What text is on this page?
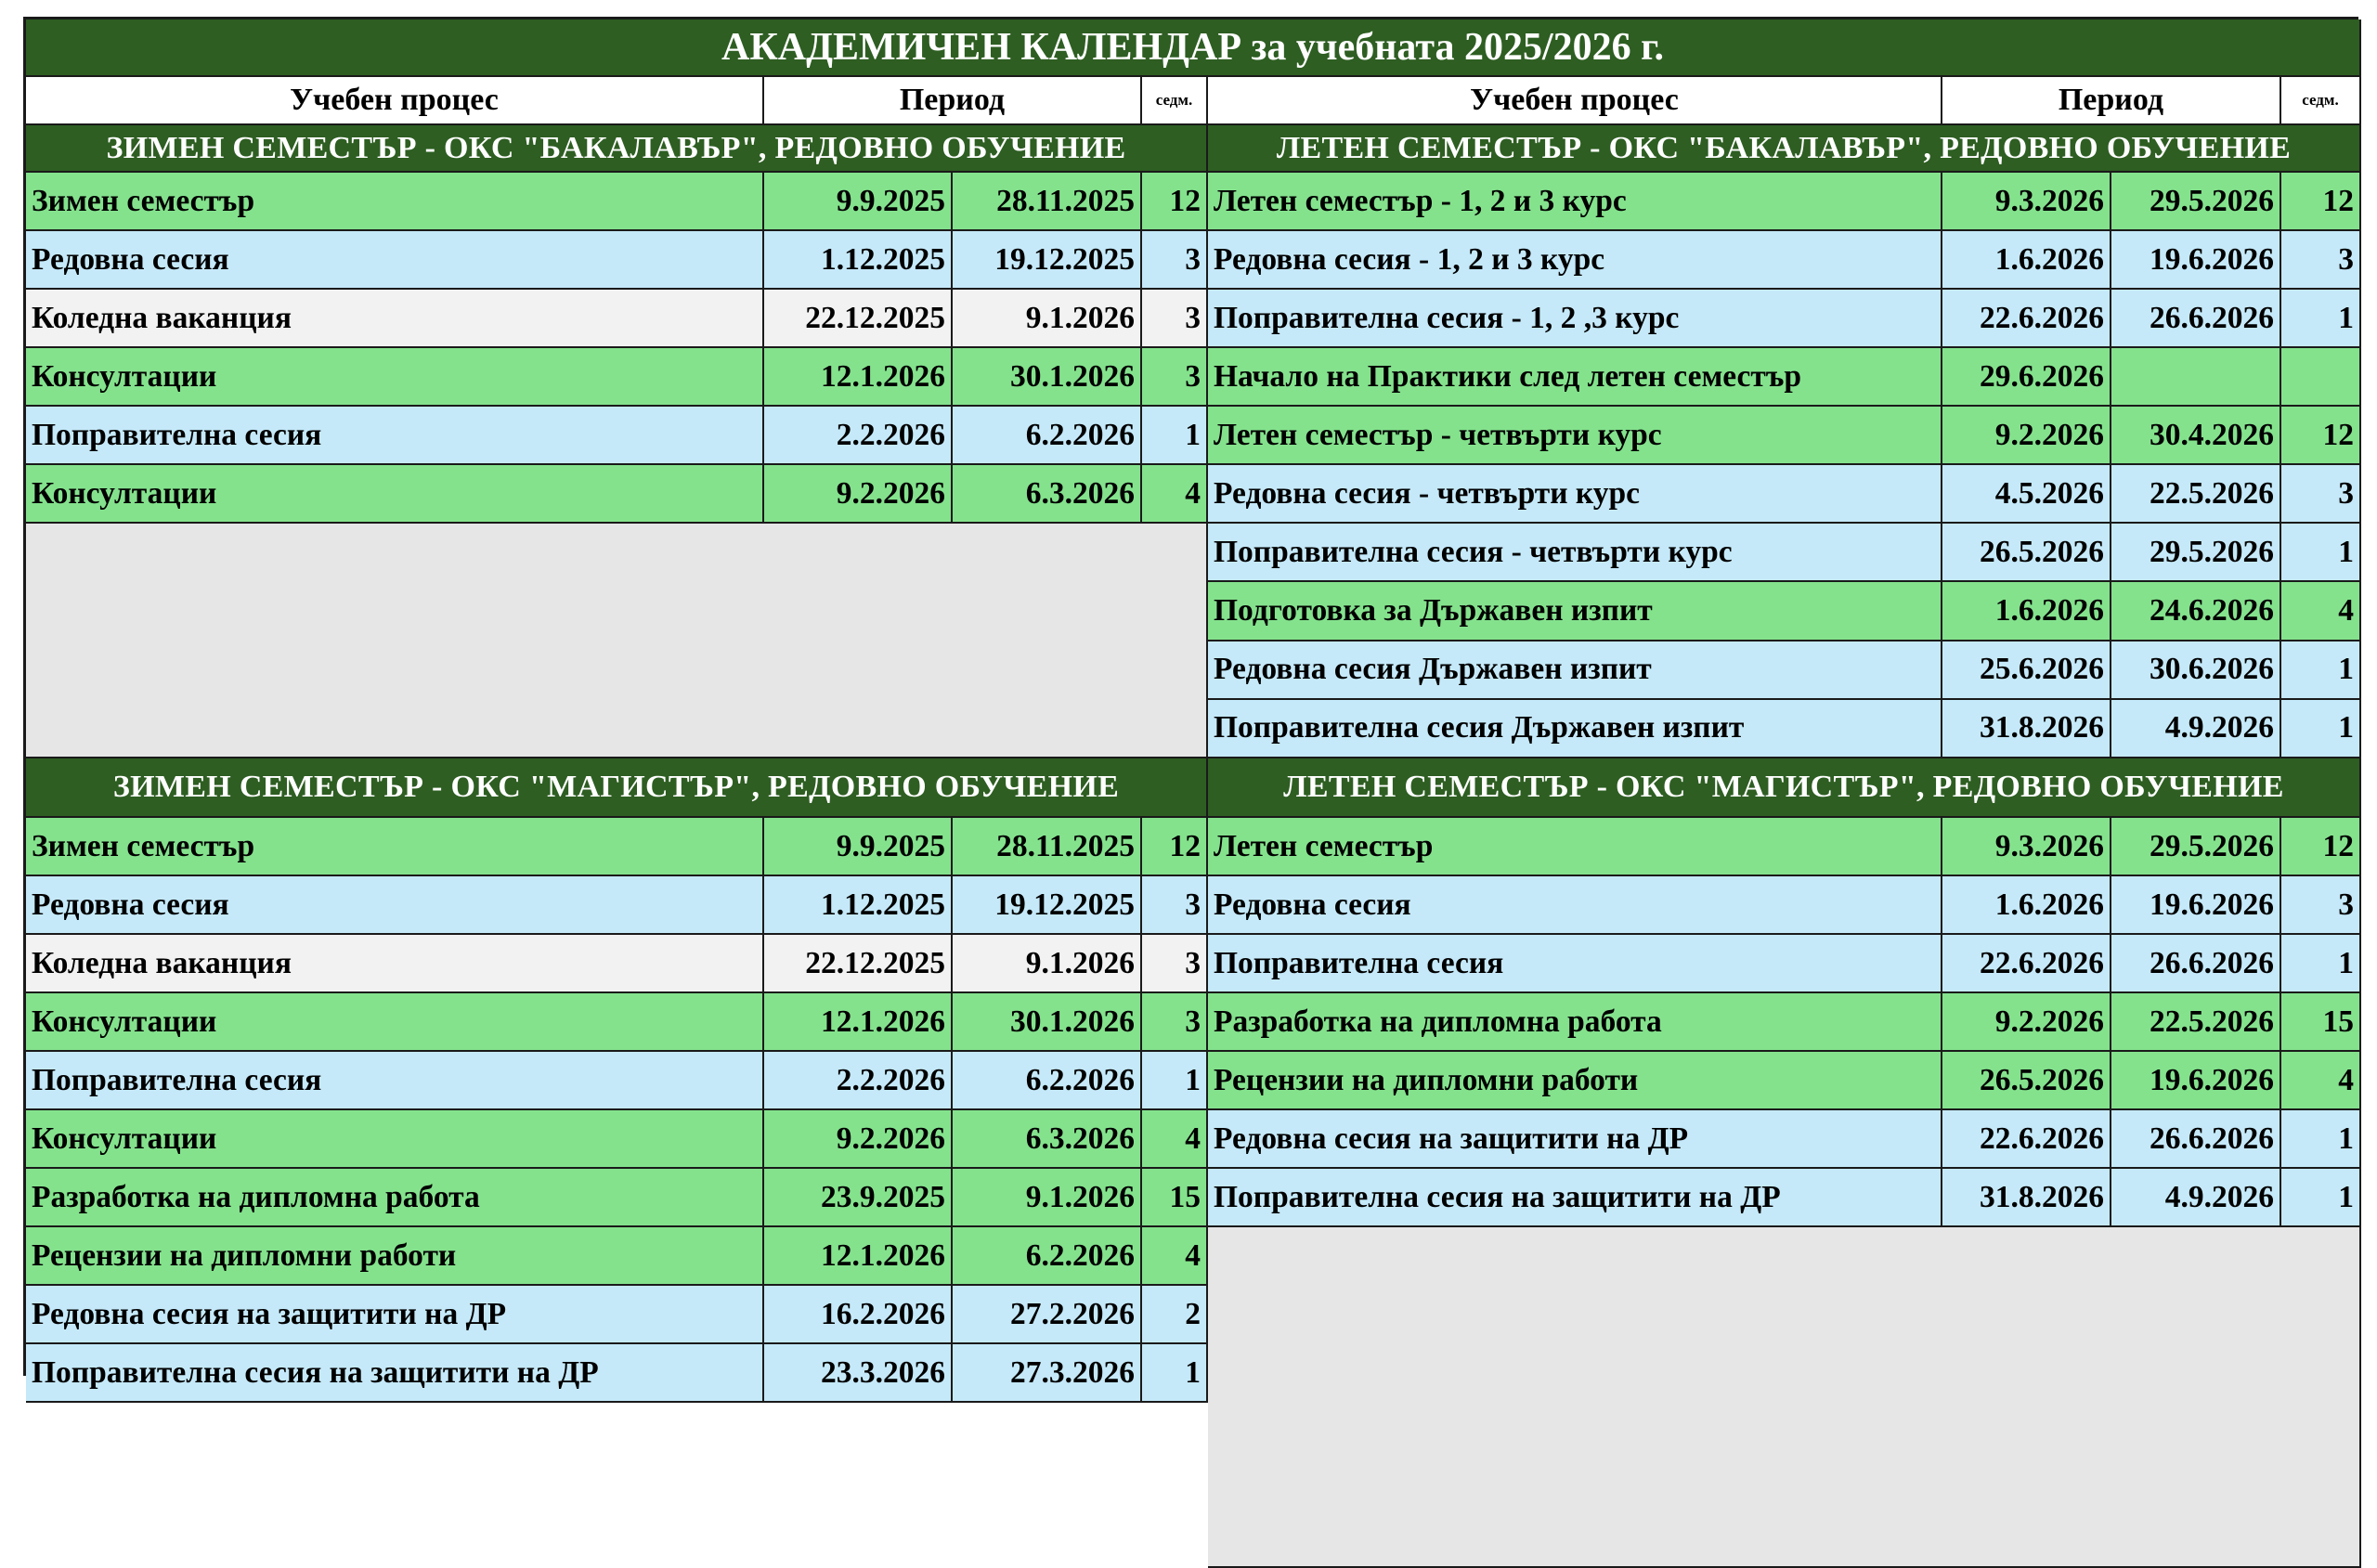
АКАДЕМИЧЕН КАЛЕНДАР за учебната 2025/2026 г.
Учебен процес	Период	седм.	Учебен процес	Период	седм.
ЗИМЕН СЕМЕСТЪР - ОКС "БАКАЛАВЪР", РЕДОВНО ОБУЧЕНИЕ	ЛЕТЕН СЕМЕСТЪР - ОКС "БАКАЛАВЪР", РЕДОВНО ОБУЧЕНИЕ
ЗИМЕН СЕМЕСТЪР - ОКС "МАГИСТЪР", РЕДОВНО ОБУЧЕНИЕ	ЛЕТЕН СЕМЕСТЪР - ОКС "МАГИСТЪР", РЕДОВНО ОБУЧЕНИЕ
Зимен семестър	9.9.2025	28.11.2025	12
Редовна сесия	1.12.2025	19.12.2025	3
Коледна ваканция	22.12.2025	9.1.2026	3
Консултации	12.1.2026	30.1.2026	3
Поправителна сесия	2.2.2026	6.2.2026	1
Консултации	9.2.2026	6.3.2026	4
Летен семестър - 1, 2 и 3 курс	9.3.2026	29.5.2026	12
Редовна сесия - 1, 2 и 3 курс	1.6.2026	19.6.2026	3
Поправителна сесия - 1, 2 ,3 курс	22.6.2026	26.6.2026	1
Начало на Практики след летен семестър	29.6.2026
Летен семестър - четвърти курс	9.2.2026	30.4.2026	12
Редовна сесия - четвърти курс	4.5.2026	22.5.2026	3
Поправителна сесия - четвърти курс	26.5.2026	29.5.2026	1
Подготовка за Държавен изпит	1.6.2026	24.6.2026	4
Редовна сесия Държавен изпит	25.6.2026	30.6.2026	1
Поправителна сесия Държавен изпит	31.8.2026	4.9.2026	1
Зимен семестър	9.9.2025	28.11.2025	12
Редовна сесия	1.12.2025	19.12.2025	3
Коледна ваканция	22.12.2025	9.1.2026	3
Консултации	12.1.2026	30.1.2026	3
Поправителна сесия	2.2.2026	6.2.2026	1
Консултации	9.2.2026	6.3.2026	4
Разработка на дипломна работа	23.9.2025	9.1.2026	15
Рецензии на дипломни работи	12.1.2026	6.2.2026	4
Редовна сесия на защитити на ДР	16.2.2026	27.2.2026	2
Поправителна сесия на защитити на ДР	23.3.2026	27.3.2026	1
Летен семестър	9.3.2026	29.5.2026	12
Редовна сесия	1.6.2026	19.6.2026	3
Поправителна сесия	22.6.2026	26.6.2026	1
Разработка на дипломна работа	9.2.2026	22.5.2026	15
Рецензии на дипломни работи	26.5.2026	19.6.2026	4
Редовна сесия на защитити на ДР	22.6.2026	26.6.2026	1
Поправителна сесия на защитити на ДР	31.8.2026	4.9.2026	1
